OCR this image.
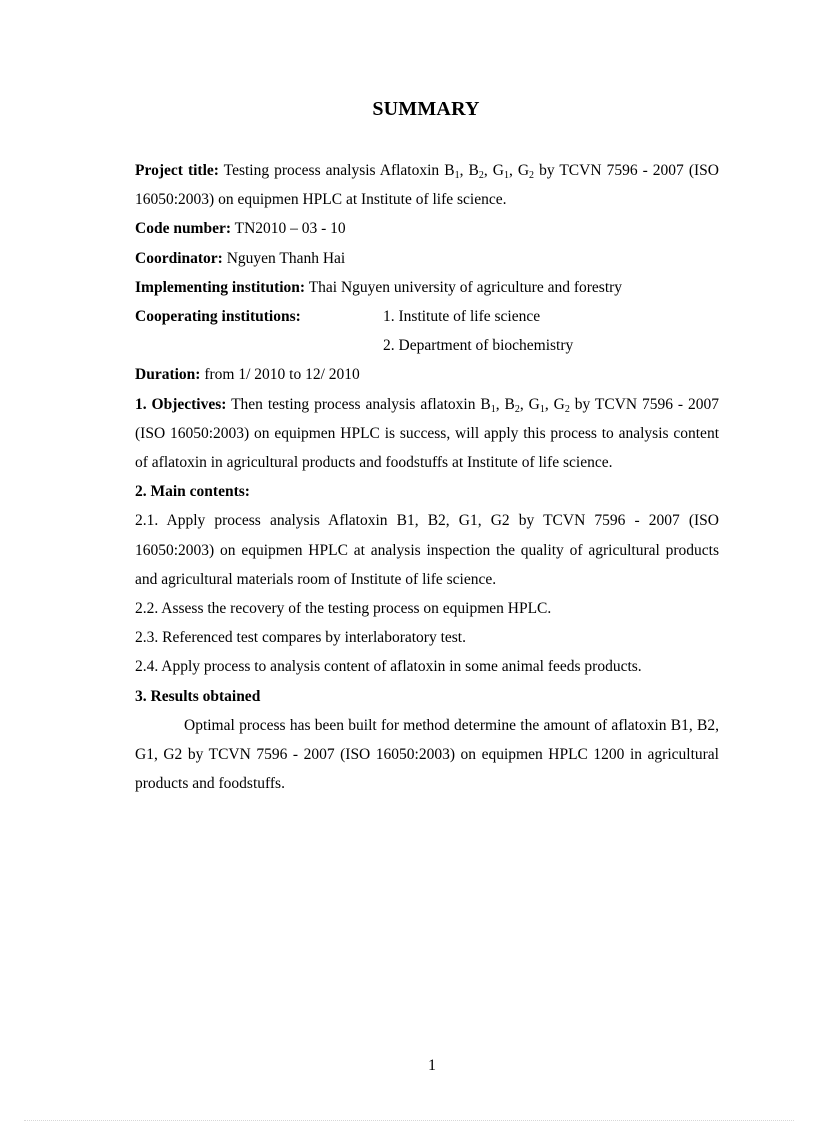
SUMMARY

Project title: Testing process analysis Aflatoxin $B_1$, $B_2$, $G_1$, $G_2$ by TCVN 7596 - 2007 (ISO 16050:2003) on equipmen HPLC at Institute of life science.

Code number: TN2010 – 03 - 10

Coordinator: Nguyen Thanh Hai

Implementing institution: Thai Nguyen university of agriculture and forestry

Cooperating institutions:	1. Institute of life science

2. Department of biochemistry

Duration: from 1/ 2010 to 12/ 2010

1. Objectives: Then testing process analysis aflatoxin $B_1$, $B_2$, $G_1$, $G_2$ by TCVN 7596 - 2007 (ISO 16050:2003) on equipmen HPLC is success, will apply this process to analysis content of aflatoxin in agricultural products and foodstuffs at Institute of life science.

2. Main contents:

2.1. Apply process analysis Aflatoxin B1, B2, G1, G2 by TCVN 7596 - 2007 (ISO 16050:2003) on equipmen HPLC at analysis inspection the quality of agricultural products and agricultural materials room of Institute of life science.

2.2. Assess the recovery of the testing process on equipmen HPLC.

2.3. Referenced test compares by interlaboratory test.

2.4. Apply process to analysis content of aflatoxin in some animal feeds products.

3. Results obtained

Optimal process has been built for method determine the amount of aflatoxin B1, B2, G1, G2 by TCVN 7596 - 2007 (ISO 16050:2003) on equipmen HPLC 1200 in agricultural products and foodstuffs.

1
